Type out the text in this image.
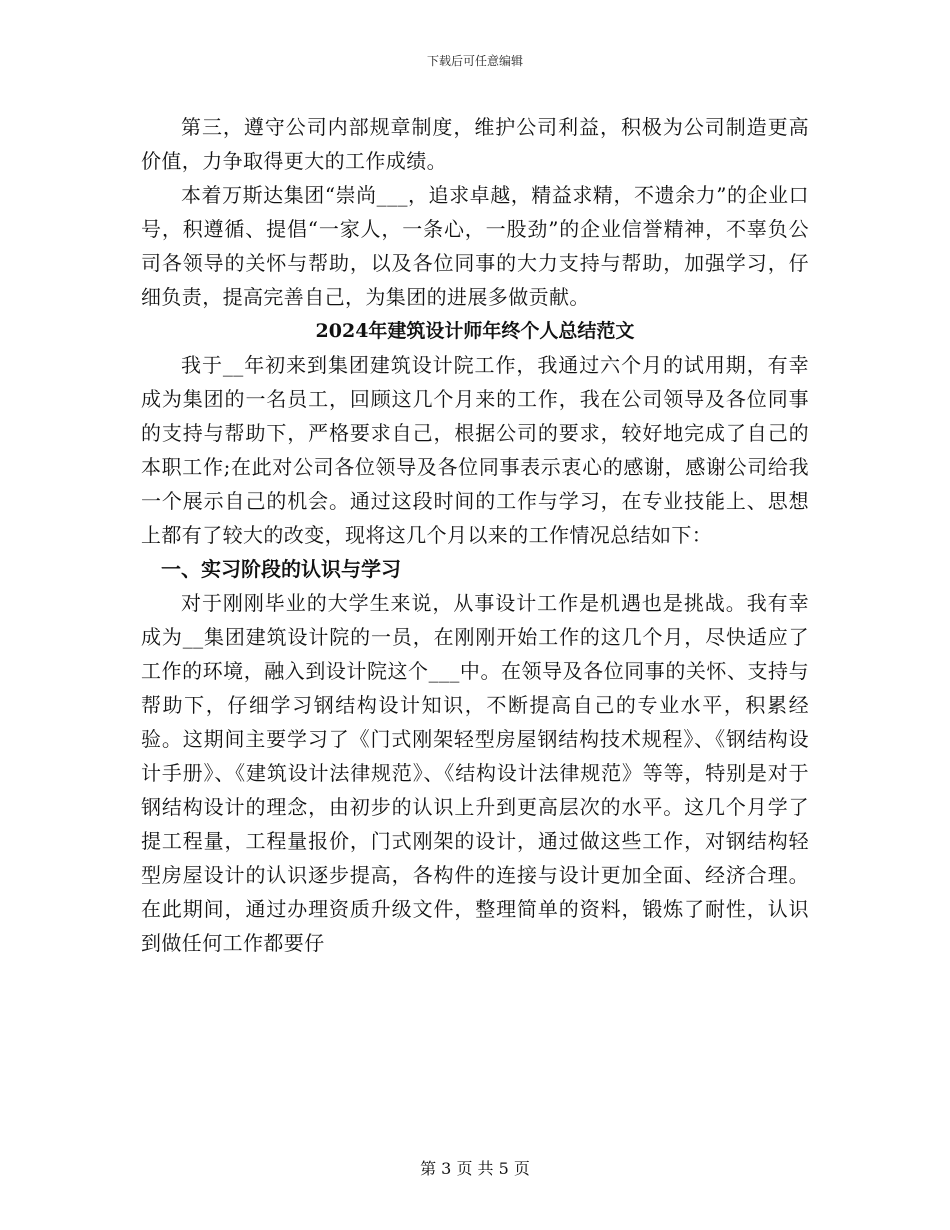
下载后可任意编辑

第三，遵守公司内部规章制度，维护公司利益，积极为公司制造更高价值，力争取得更大的工作成绩。

本着万斯达集团“崇尚___，追求卓越，精益求精，不遗余力”的企业口号，积遵循、提倡“一家人，一条心，一股劲”的企业信誉精神，不辜负公司各领导的关怀与帮助，以及各位同事的大力支持与帮助，加强学习，仔细负责，提高完善自己，为集团的进展多做贡献。

2024年建筑设计师年终个人总结范文

我于__年初来到集团建筑设计院工作，我通过六个月的试用期，有幸成为集团的一名员工，回顾这几个月来的工作，我在公司领导及各位同事的支持与帮助下，严格要求自己，根据公司的要求，较好地完成了自己的本职工作;在此对公司各位领导及各位同事表示衷心的感谢，感谢公司给我一个展示自己的机会。通过这段时间的工作与学习，在专业技能上、思想上都有了较大的改变，现将这几个月以来的工作情况总结如下：

一、实习阶段的认识与学习

对于刚刚毕业的大学生来说，从事设计工作是机遇也是挑战。我有幸成为__集团建筑设计院的一员，在刚刚开始工作的这几个月，尽快适应了工作的环境，融入到设计院这个___中。在领导及各位同事的关怀、支持与帮助下，仔细学习钢结构设计知识，不断提高自己的专业水平，积累经验。这期间主要学习了《门式刚架轻型房屋钢结构技术规程》、《钢结构设计手册》、《建筑设计法律规范》、《结构设计法律规范》等等，特别是对于钢结构设计的理念，由初步的认识上升到更高层次的水平。这几个月学了提工程量，工程量报价，门式刚架的设计，通过做这些工作，对钢结构轻型房屋设计的认识逐步提高，各构件的连接与设计更加全面、经济合理。在此期间，通过办理资质升级文件，整理简单的资料，锻炼了耐性，认识到做任何工作都要仔

第 3 页 共 5 页
